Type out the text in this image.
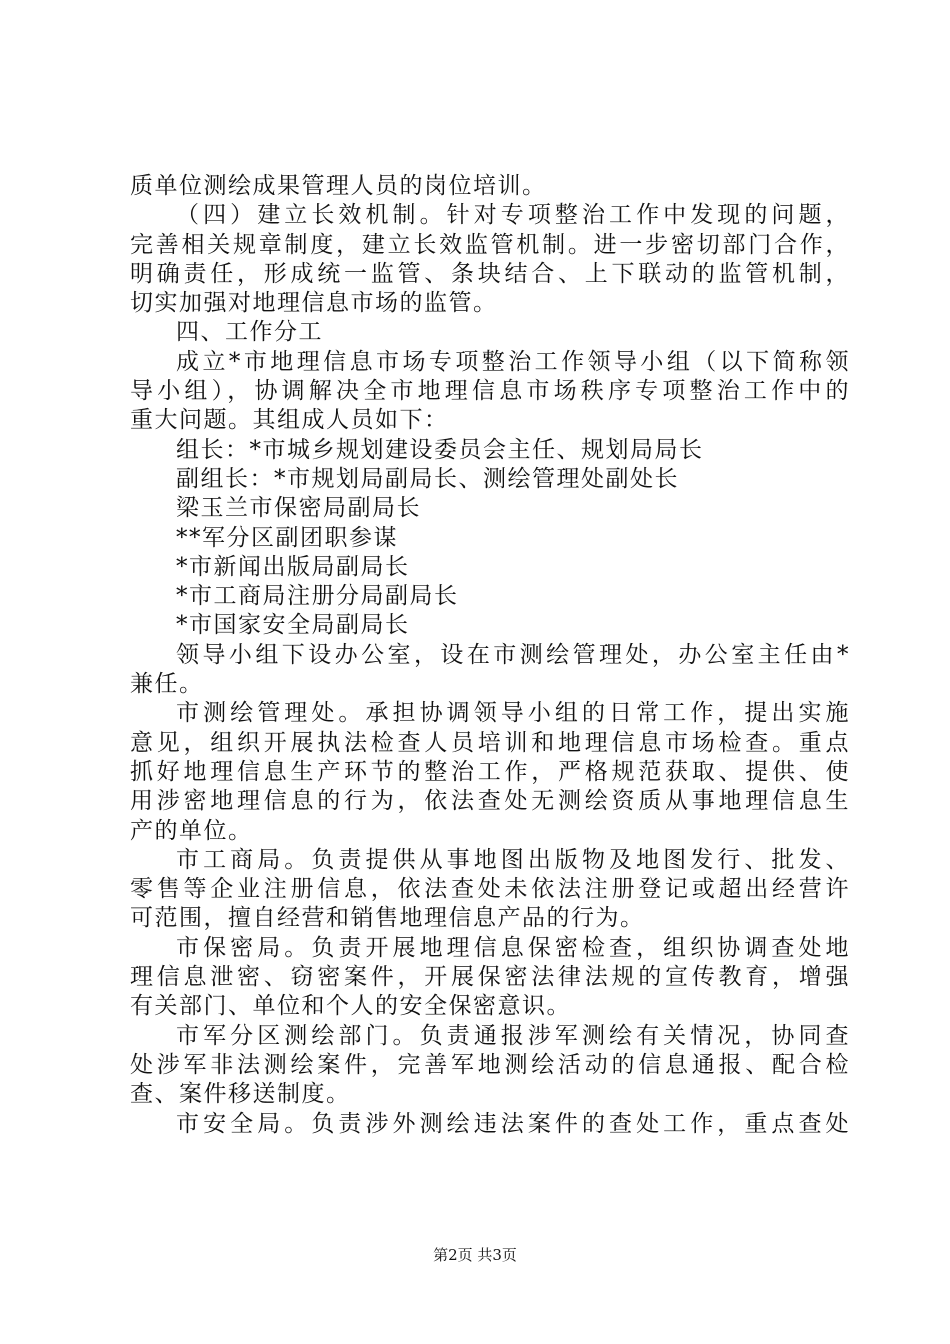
质单位测绘成果管理人员的岗位培训。
（四）建立长效机制。针对专项整治工作中发现的问题，
完善相关规章制度，建立长效监管机制。进一步密切部门合作，
明确责任，形成统一监管、条块结合、上下联动的监管机制，
切实加强对地理信息市场的监管。
四、工作分工
成立*市地理信息市场专项整治工作领导小组（以下简称领
导小组），协调解决全市地理信息市场秩序专项整治工作中的
重大问题。其组成人员如下：
组长：*市城乡规划建设委员会主任、规划局局长
副组长：*市规划局副局长、测绘管理处副处长
梁玉兰市保密局副局长
**军分区副团职参谋
*市新闻出版局副局长
*市工商局注册分局副局长
*市国家安全局副局长
领导小组下设办公室，设在市测绘管理处，办公室主任由*
兼任。
市测绘管理处。承担协调领导小组的日常工作，提出实施
意见，组织开展执法检查人员培训和地理信息市场检查。重点
抓好地理信息生产环节的整治工作，严格规范获取、提供、使
用涉密地理信息的行为，依法查处无测绘资质从事地理信息生
产的单位。
市工商局。负责提供从事地图出版物及地图发行、批发、
零售等企业注册信息，依法查处未依法注册登记或超出经营许
可范围，擅自经营和销售地理信息产品的行为。
市保密局。负责开展地理信息保密检查，组织协调查处地
理信息泄密、窃密案件，开展保密法律法规的宣传教育，增强
有关部门、单位和个人的安全保密意识。
市军分区测绘部门。负责通报涉军测绘有关情况，协同查
处涉军非法测绘案件，完善军地测绘活动的信息通报、配合检
查、案件移送制度。
市安全局。负责涉外测绘违法案件的查处工作，重点查处
第2页 共3页
